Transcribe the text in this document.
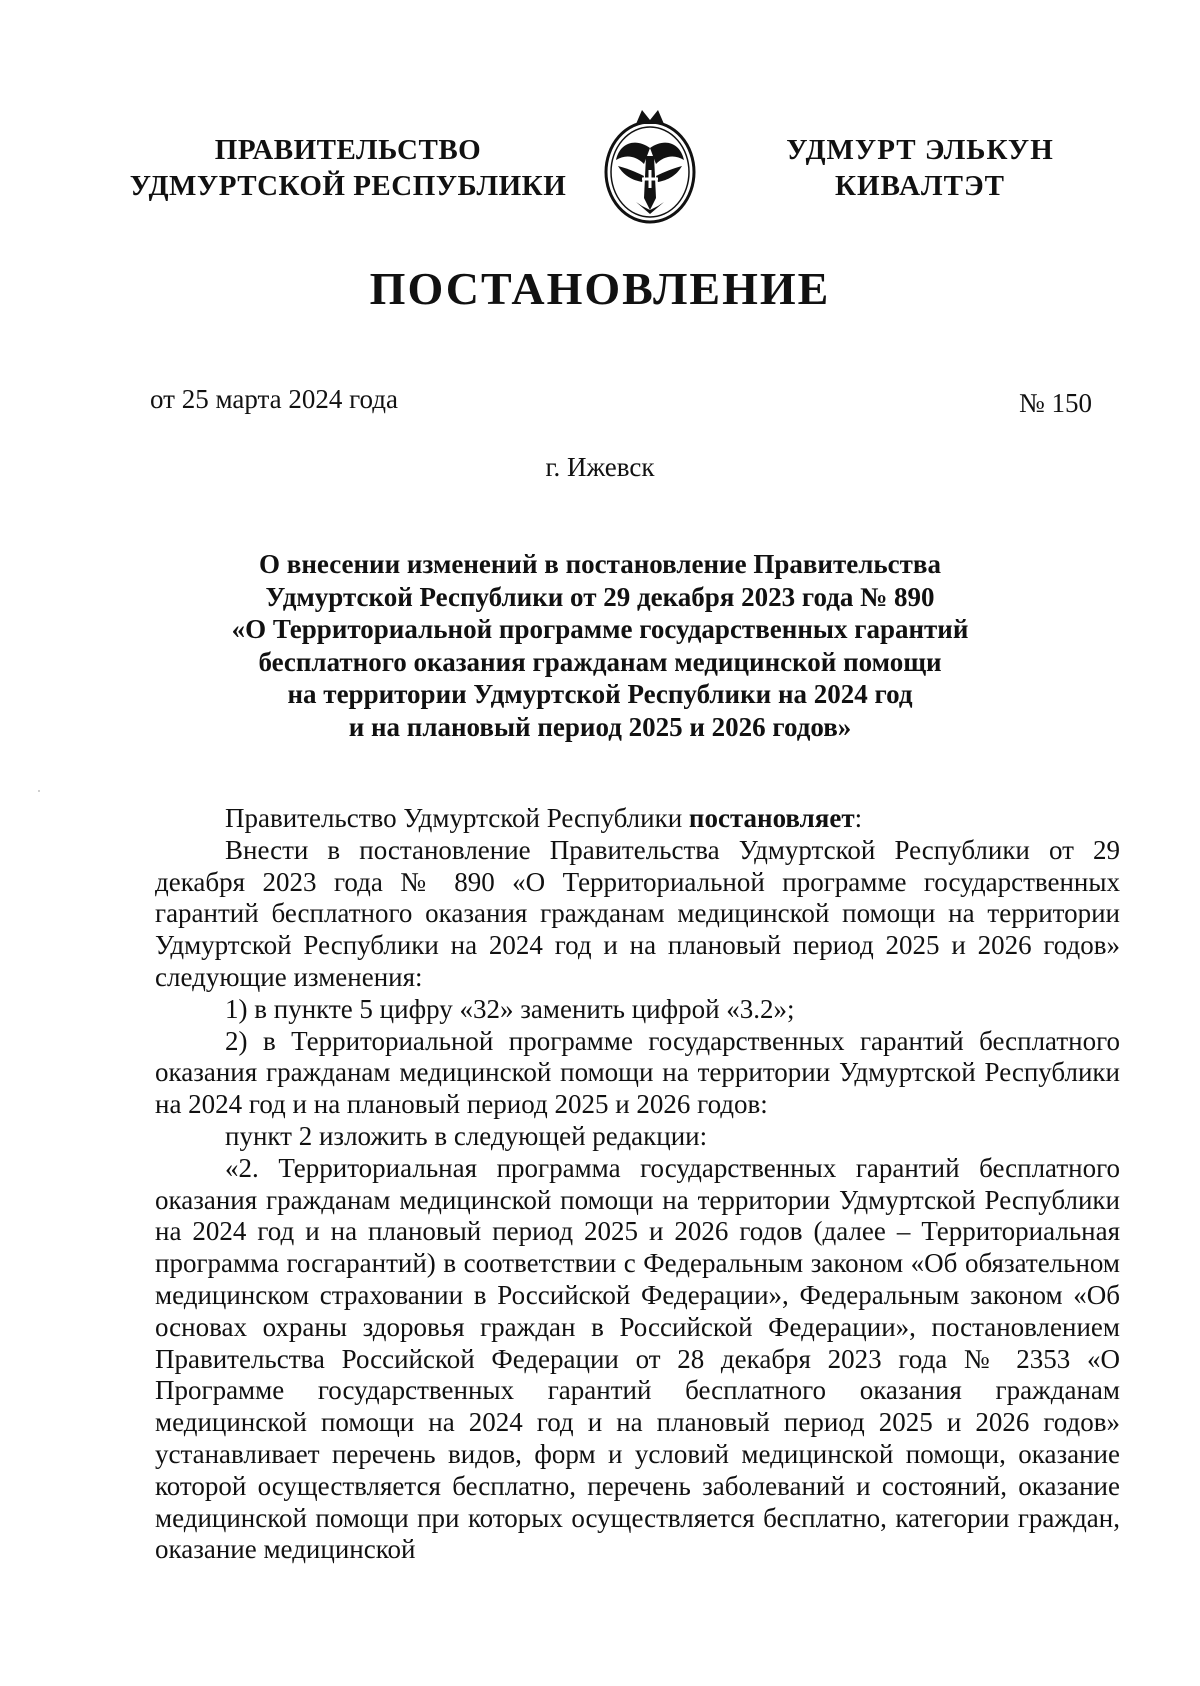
ПРАВИТЕЛЬСТВО
УДМУРТСКОЙ РЕСПУБЛИКИ
УДМУРТ ЭЛЬКУН
КИВАЛТЭТ
ПОСТАНОВЛЕНИЕ
от 25 марта 2024 года	№ 150
г. Ижевск
О внесении изменений в постановление Правительства
Удмуртской Республики от 29 декабря 2023 года № 890
«О Территориальной программе государственных гарантий
бесплатного оказания гражданам медицинской помощи
на территории Удмуртской Республики на 2024 год
и на плановый период 2025 и 2026 годов»

Правительство Удмуртской Республики постановляет:

Внести в постановление Правительства Удмуртской Республики от 29 декабря 2023 года № 890 «О Территориальной программе государственных гарантий бесплатного оказания гражданам медицинской помощи на территории Удмуртской Республики на 2024 год и на плановый период 2025 и 2026 годов» следующие изменения:

1) в пункте 5 цифру «32» заменить цифрой «3.2»;

2) в Территориальной программе государственных гарантий бесплатного оказания гражданам медицинской помощи на территории Удмуртской Республики на 2024 год и на плановый период 2025 и 2026 годов:

пункт 2 изложить в следующей редакции:

«2. Территориальная программа государственных гарантий бесплатного оказания гражданам медицинской помощи на территории Удмуртской Республики на 2024 год и на плановый период 2025 и 2026 годов (далее – Территориальная программа госгарантий) в соответствии с Федеральным законом «Об обязательном медицинском страховании в Российской Федерации», Федеральным законом «Об основах охраны здоровья граждан в Российской Федерации», постановлением Правительства Российской Федерации от 28 декабря 2023 года № 2353 «О Программе государственных гарантий бесплатного оказания гражданам медицинской помощи на 2024 год и на плановый период 2025 и 2026 годов» устанавливает перечень видов, форм и условий медицинской помощи, оказание которой осуществляется бесплатно, перечень заболеваний и состояний, оказание медицинской помощи при которых осуществляется бесплатно, категории граждан, оказание медицинской
